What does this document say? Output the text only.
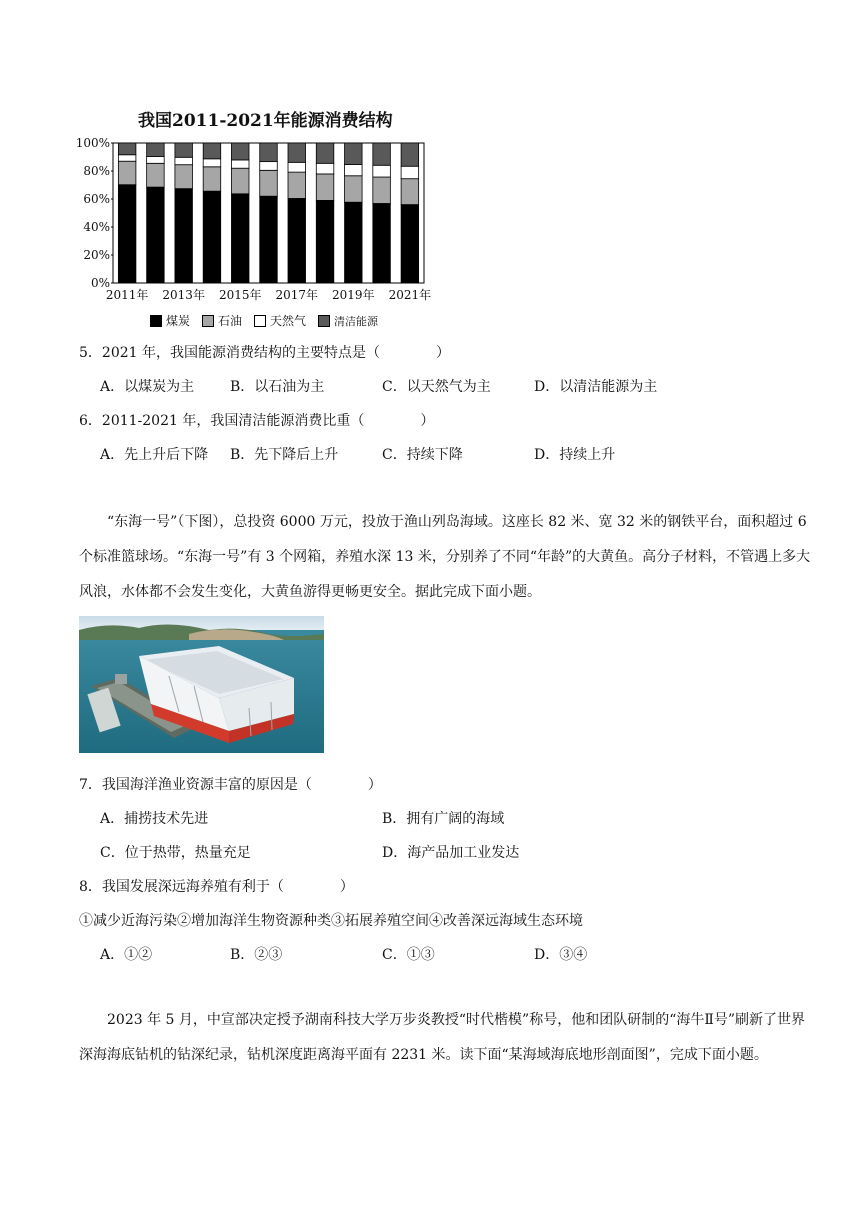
我国2011-2021年能源消费结构
0%
20%
40%
60%
80%
100%
2011年 2013年 2015年 2017年 2019年 2021年
煤炭 石油 天然气	清洁能源
5．2021 年，我国能源消费结构的主要特点是（　　　　）
A．以煤炭为主	B．以石油为主	C．以天然气为主	D．以清洁能源为主
6．2011-2021 年，我国清洁能源消费比重（　　　　）
A．先上升后下降 B．先下降后上升	C．持续下降	D．持续上升
“东海一号”（下图），总投资 6000 万元，投放于渔山列岛海域。这座长 82 米、宽 32 米的钢铁平台，面积超过 6 个标准篮球场。“东海一号”有 3 个网箱，养殖水深 13 米，分别养了不同“年龄”的大黄鱼。高分子材料，不管遇上多大风浪，水体都不会发生变化，大黄鱼游得更畅更安全。据此完成下面小题。
7．我国海洋渔业资源丰富的原因是（　　　　）
A．捕捞技术先进	B．拥有广阔的海域
C．位于热带，热量充足	D．海产品加工业发达
8．我国发展深远海养殖有利于（　　　　）
①减少近海污染②增加海洋生物资源种类③拓展养殖空间④改善深远海域生态环境
A．①②	B．②③	C．①③	D．③④
2023 年 5 月，中宣部决定授予湖南科技大学万步炎教授“时代楷模”称号，他和团队研制的“海牛Ⅱ号”刷新了世界深海海底钻机的钻深纪录，钻机深度距离海平面有 2231 米。读下面“某海域海底地形剖面图”，完成下面小题。
